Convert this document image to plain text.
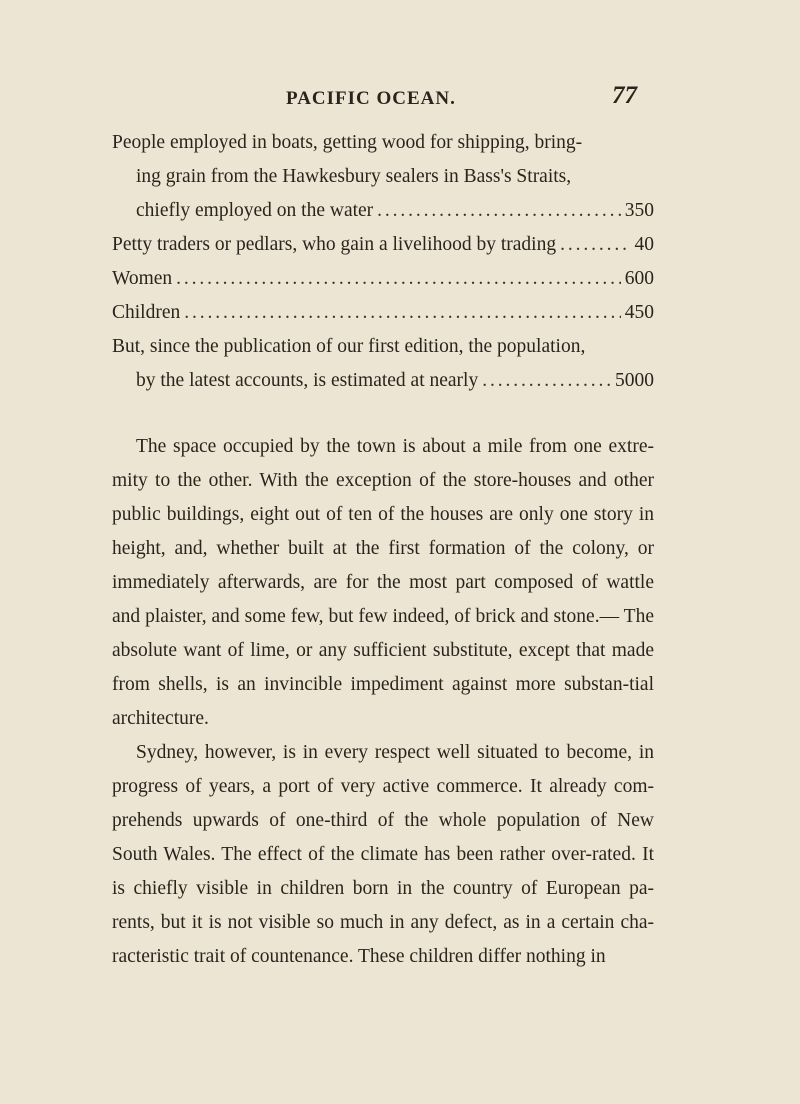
PACIFIC OCEAN.	77
People employed in boats, getting wood for shipping, bring-
ing grain from the Hawkesbury sealers in Bass's Straits,
chiefly employed on the water . . .	350
Petty traders or pedlars, who gain a livelihood by trading . . .	40
Women . . .	600
Children . . .	450
But, since the publication of our first edition, the population,
by the latest accounts, is estimated at nearly . . .	5000

The space occupied by the town is about a mile from one extre-mity to the other. With the exception of the store-houses and other public buildings, eight out of ten of the houses are only one story in height, and, whether built at the first formation of the colony, or immediately afterwards, are for the most part composed of wattle and plaister, and some few, but few indeed, of brick and stone.— The absolute want of lime, or any sufficient substitute, except that made from shells, is an invincible impediment against more substan-tial architecture.

Sydney, however, is in every respect well situated to become, in progress of years, a port of very active commerce. It already com-prehends upwards of one-third of the whole population of New South Wales. The effect of the climate has been rather over-rated. It is chiefly visible in children born in the country of European pa-rents, but it is not visible so much in any defect, as in a certain cha-racteristic trait of countenance. These children differ nothing in
